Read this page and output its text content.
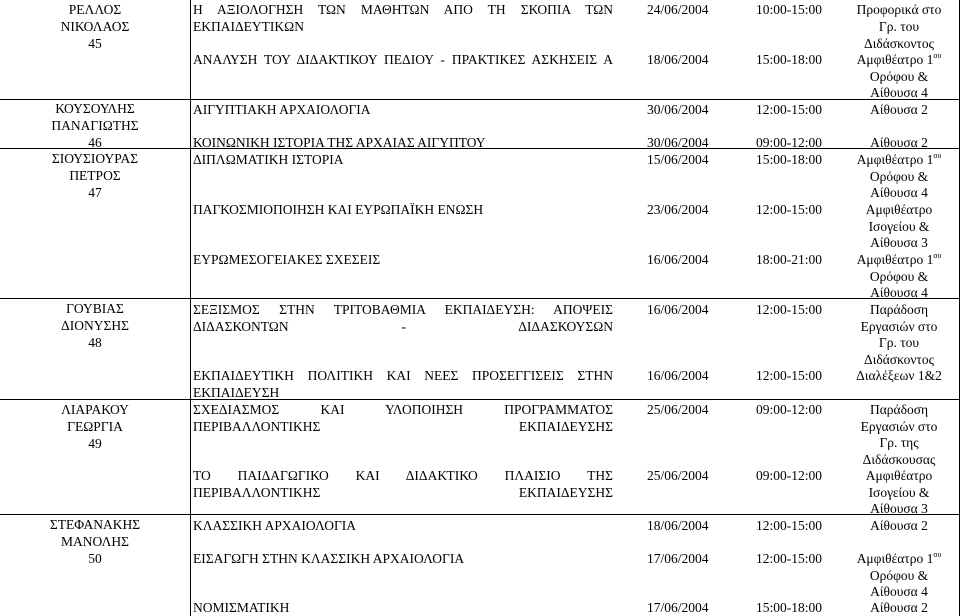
ΡΕΛΛΟΣ
ΝΙΚΟΛΑΟΣ
45
ΚΟΥΣΟΥΛΗΣ
ΠΑΝΑΓΙΩΤΗΣ
46
ΣΙΟΥΣΙΟΥΡΑΣ
ΠΕΤΡΟΣ
47
ΓΟΥΒΙΑΣ
ΔΙΟΝΥΣΗΣ
48
ΛΙΑΡΑΚΟΥ
ΓΕΩΡΓΙΑ
49
ΣΤΕΦΑΝΑΚΗΣ
ΜΑΝΟΛΗΣ
50
Η ΑΞΙΟΛΟΓΗΣΗ ΤΩΝ ΜΑΘΗΤΩΝ ΑΠΟ ΤΗ ΣΚΟΠΙΑ ΤΩΝ ΕΚΠΑΙΔΕΥΤΙΚΩΝ
ΑΝΑΛΥΣΗ ΤΟΥ ΔΙΔΑΚΤΙΚΟΥ ΠΕΔΙΟΥ - ΠΡΑΚΤΙΚΕΣ ΑΣΚΗΣΕΙΣ Α
ΑΙΓΥΠΤΙΑΚΗ ΑΡΧΑΙΟΛΟΓΙΑ
ΚΟΙΝΩΝΙΚΗ ΙΣΤΟΡΙΑ ΤΗΣ ΑΡΧΑΙΑΣ ΑΙΓΥΠΤΟΥ
ΔΙΠΛΩΜΑΤΙΚΗ ΙΣΤΟΡΙΑ
ΠΑΓΚΟΣΜΙΟΠΟΙΗΣΗ ΚΑΙ ΕΥΡΩΠΑΪΚΗ ΕΝΩΣΗ
ΕΥΡΩΜΕΣΟΓΕΙΑΚΕΣ ΣΧΕΣΕΙΣ
ΣΕΞΙΣΜΟΣ ΣΤΗΝ ΤΡΙΤΟΒΑΘΜΙΑ ΕΚΠΑΙΔΕΥΣΗ: ΑΠΟΨΕΙΣ ΔΙΔΑΣΚΟΝΤΩΝ - ΔΙΔΑΣΚΟΥΣΩΝ
ΕΚΠΑΙΔΕΥΤΙΚΗ ΠΟΛΙΤΙΚΗ ΚΑΙ ΝΕΕΣ ΠΡΟΣΕΓΓΙΣΕΙΣ ΣΤΗΝ ΕΚΠΑΙΔΕΥΣΗ
ΣΧΕΔΙΑΣΜΟΣ ΚΑΙ ΥΛΟΠΟΙΗΣΗ ΠΡΟΓΡΑΜΜΑΤΟΣ ΠΕΡΙΒΑΛΛΟΝΤΙΚΗΣ ΕΚΠΑΙΔΕΥΣΗΣ
ΤΟ ΠΑΙΔΑΓΩΓΙΚΟ ΚΑΙ ΔΙΔΑΚΤΙΚΟ ΠΛΑΙΣΙΟ ΤΗΣ ΠΕΡΙΒΑΛΛΟΝΤΙΚΗΣ ΕΚΠΑΙΔΕΥΣΗΣ
ΚΛΑΣΣΙΚΗ ΑΡΧΑΙΟΛΟΓΙΑ
ΕΙΣΑΓΩΓΗ ΣΤΗΝ ΚΛΑΣΣΙΚΗ ΑΡΧΑΙΟΛΟΓΙΑ
ΝΟΜΙΣΜΑΤΙΚΗ
24/06/2004
18/06/2004
30/06/2004
30/06/2004
15/06/2004
23/06/2004
16/06/2004
16/06/2004
16/06/2004
25/06/2004
25/06/2004
18/06/2004
17/06/2004
17/06/2004
10:00-15:00
15:00-18:00
12:00-15:00
09:00-12:00
15:00-18:00
12:00-15:00
18:00-21:00
12:00-15:00
12:00-15:00
09:00-12:00
09:00-12:00
12:00-15:00
12:00-15:00
15:00-18:00
Προφορικά στο
Γρ. του
Διδάσκοντος
Αμφιθέατρο $1^{o\upsilon}$
Ορόφου &
Αίθουσα 4
Αίθουσα 2
Αίθουσα 2
Αμφιθέατρο $1^{o\upsilon}$
Ορόφου &
Αίθουσα 4
Αμφιθέατρο
Ισογείου &
Αίθουσα 3
Αμφιθέατρο $1^{o\upsilon}$
Ορόφου &
Αίθουσα 4
Παράδοση
Εργασιών στο
Γρ. του
Διδάσκοντος
Διαλέξεων 1&2
Παράδοση
Εργασιών στο
Γρ. της
Διδάσκουσας
Αμφιθέατρο
Ισογείου &
Αίθουσα 3
Αίθουσα 2
Αμφιθέατρο $1^{o\upsilon}$
Ορόφου &
Αίθουσα 4
Αίθουσα 2
